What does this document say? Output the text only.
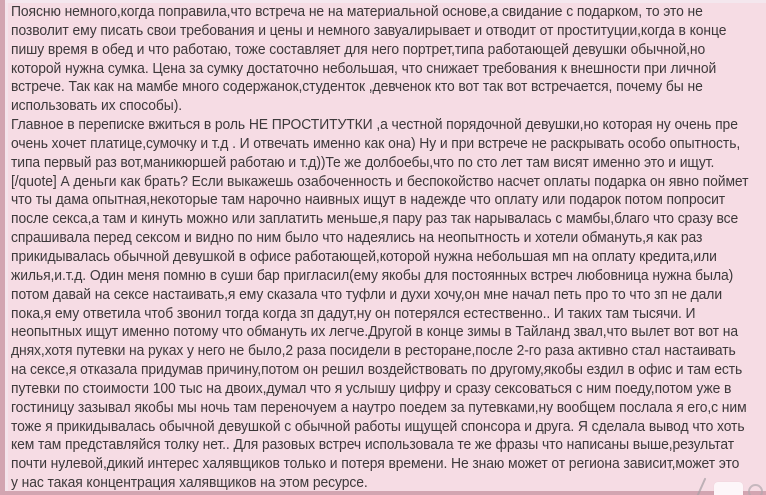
Поясню немного,когда поправила,что встреча не на материальной основе,а свидание с подарком, то это не
позволит ему писать свои требования и цены и немного завуалирывает и отводит от проституции,когда в конце
пишу время в обед и что работаю, тоже составляет для него портрет,типа работающей девушки обычной,но
которой нужна сумка. Цена за сумку достаточно небольшая, что снижает требования к внешности при личной
встрече. Так как на мамбе много содержанок,студенток ,девченок кто вот так вот встречается, почему бы не
использовать их способы).
Главное в переписке вжиться в роль НЕ ПРОСТИТУТКИ ,а честной порядочной девушки,но которая ну очень пре
очень хочет платице,сумочку и т.д . И отвечать именно как она) Ну и при встрече не раскрывать особо опытность,
типа первый раз вот,маникюршей работаю и т.д))Те же долбоебы,что по сто лет там висят именно это и ищут.
[/quote] А деньги как брать? Если выкажешь озабоченность и беспокойство насчет оплаты подарка он явно поймет
что ты дама опытная,некоторые там нарочно наивных ищут в надежде что оплату или подарок потом попросит
после секса,а там и кинуть можно или заплатить меньше,я пару раз так нарывалась с мамбы,благо что сразу все
спрашивала перед сексом и видно по ним было что надеялись на неопытность и хотели обмануть,я как раз
прикидывалась обычной девушкой в офисе работающей,которой нужна небольшая мп на оплату кредита,или
жилья,и.т.д. Один меня помню в суши бар пригласил(ему якобы для постоянных встреч любовница нужна была)
потом давай на сексе настаивать,я ему сказала что туфли и духи хочу,он мне начал петь про то что зп не дали
пока,я ему ответила чтоб звонил тогда когда зп дадут,ну он потерялся естественно.. И таких там тысячи. И
неопытных ищут именно потому что обмануть их легче.Другой в конце зимы в Тайланд звал,что вылет вот вот на
днях,хотя путевки на руках у него не было,2 раза посидели в ресторане,после 2-го раза активно стал настаивать
на сексе,я отказала придумав причину,потом он решил воздействовать по другому,якобы ездил в офис и там есть
путевки по стоимости 100 тыс на двоих,думал что я услышу цифру и сразу сексоваться с ним поеду,потом уже в
гостиницу зазывал якобы мы ночь там переночуем а наутро поедем за путевками,ну вообщем послала я его,с ним
тоже я прикидывалась обычной девушкой с обычной работы ищущей спонсора и друга. Я сделала вывод что хоть
кем там представляйся толку нет.. Для разовых встреч использовала те же фразы что написаны выше,результат
почти нулевой,дикий интерес халявщиков только и потеря времени. Не знаю может от региона зависит,может это
у нас такая концентрация халявщиков на этом ресурсе.
